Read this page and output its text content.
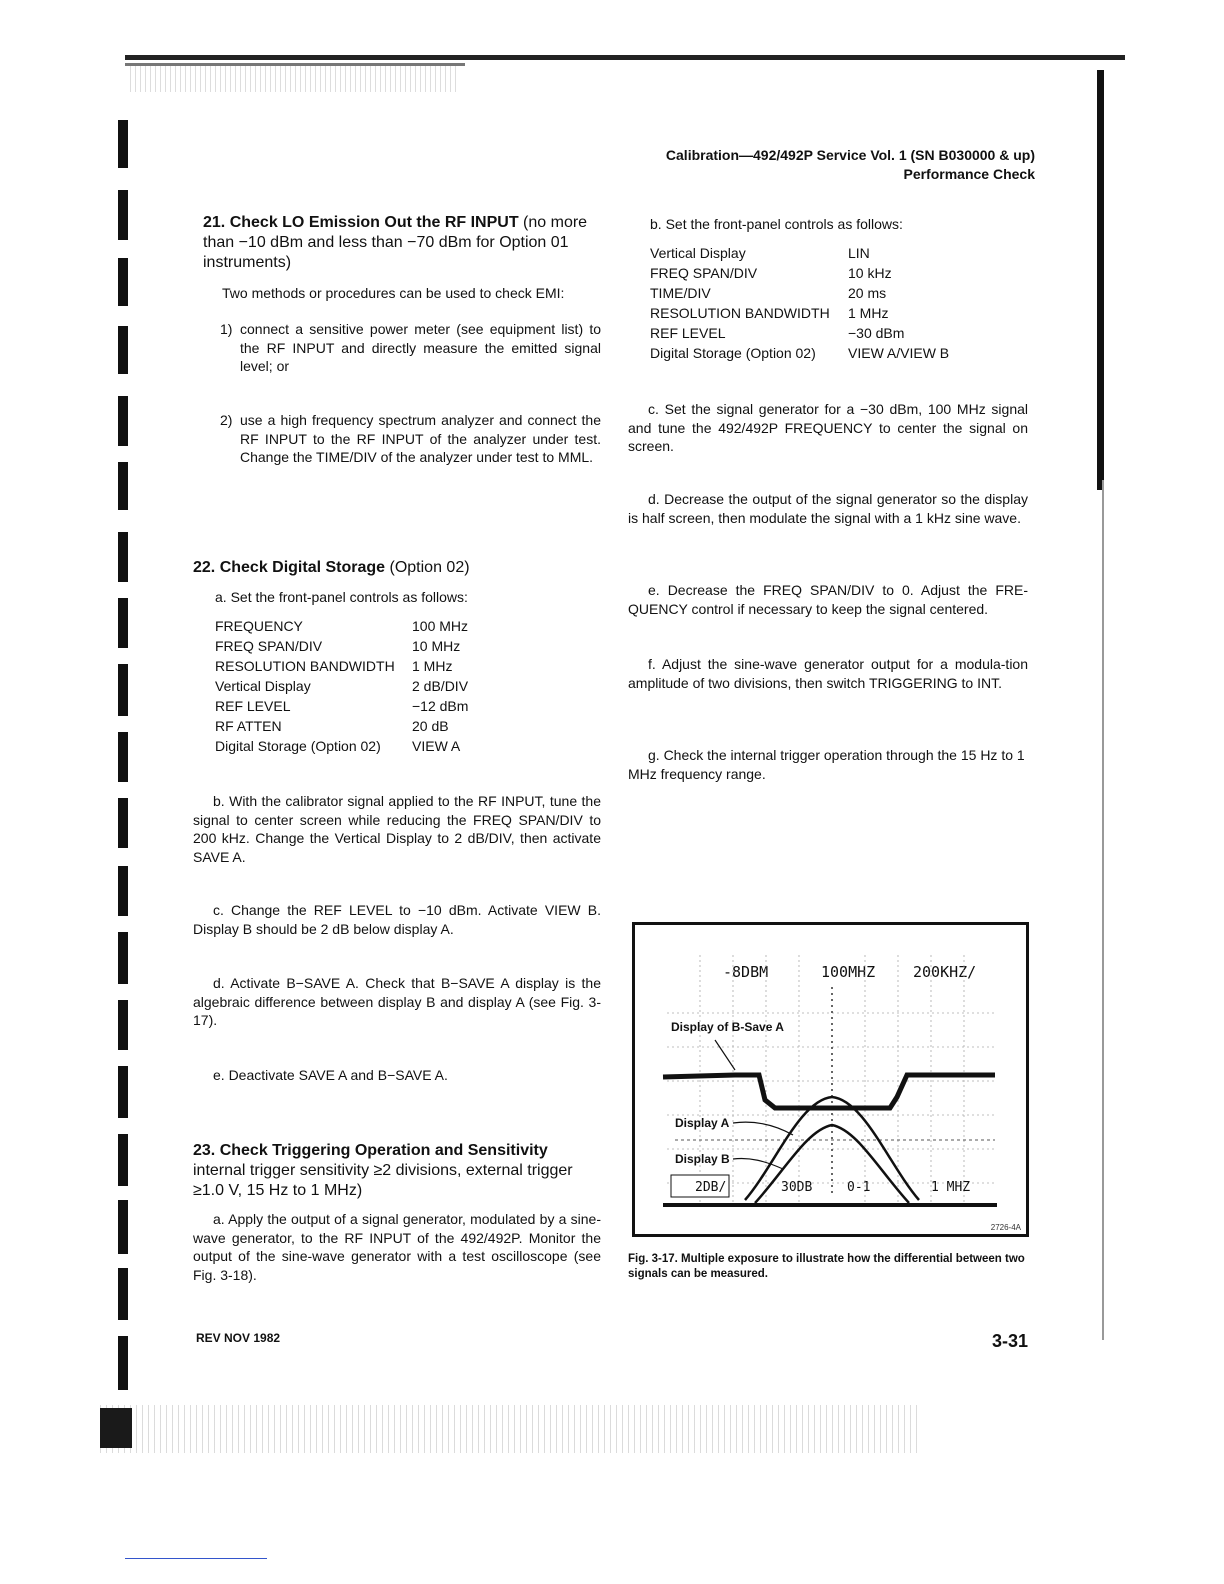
Calibration—492/492P Service Vol. 1 (SN B030000 & up)
Performance Check
21. Check LO Emission Out the RF INPUT (no more than −10 dBm and less than −70 dBm for Option 01 instruments)

Two methods or procedures can be used to check EMI:

1) connect a sensitive power meter (see equipment list) to the RF INPUT and directly measure the emitted signal level; or

2) use a high frequency spectrum analyzer and connect the RF INPUT to the RF INPUT of the analyzer under test. Change the TIME/DIV of the analyzer under test to MML.

22. Check Digital Storage (Option 02)

a. Set the front-panel controls as follows:

FREQUENCY	100 MHz
FREQ SPAN/DIV	10 MHz
RESOLUTION BANDWIDTH	1 MHz
Vertical Display	2 dB/DIV
REF LEVEL	−12 dBm
RF ATTEN	20 dB
Digital Storage (Option 02)	VIEW A

b. With the calibrator signal applied to the RF INPUT, tune the signal to center screen while reducing the FREQ SPAN/DIV to 200 kHz. Change the Vertical Display to 2 dB/DIV, then activate SAVE A.

c. Change the REF LEVEL to −10 dBm. Activate VIEW B. Display B should be 2 dB below display A.

d. Activate B−SAVE A. Check that B−SAVE A display is the algebraic difference between display B and display A (see Fig. 3-17).

e. Deactivate SAVE A and B−SAVE A.

23. Check Triggering Operation and Sensitivity internal trigger sensitivity ≥2 divisions, external trigger ≥1.0 V, 15 Hz to 1 MHz)

a. Apply the output of a signal generator, modulated by a sine-wave generator, to the RF INPUT of the 492/492P. Monitor the output of the sine-wave generator with a test oscilloscope (see Fig. 3-18).

b. Set the front-panel controls as follows:

Vertical Display	LIN
FREQ SPAN/DIV	10 kHz
TIME/DIV	20 ms
RESOLUTION BANDWIDTH	1 MHz
REF LEVEL	−30 dBm
Digital Storage (Option 02)	VIEW A/VIEW B

c. Set the signal generator for a −30 dBm, 100 MHz signal and tune the 492/492P FREQUENCY to center the signal on screen.

d. Decrease the output of the signal generator so the display is half screen, then modulate the signal with a 1 kHz sine wave.

e. Decrease the FREQ SPAN/DIV to 0. Adjust the FRE-QUENCY control if necessary to keep the signal centered.

f. Adjust the sine-wave generator output for a modula-tion amplitude of two divisions, then switch TRIGGERING to INT.

g. Check the internal trigger operation through the 15 Hz to 1 MHz frequency range.

-8DBM	100MHZ	200KHZ/
Display of B-Save A
Display A
Display B
2DB/	30DB	0-1	1 MHZ
2726-4A

Fig. 3-17. Multiple exposure to illustrate how the differential between two signals can be measured.

REV NOV 1982	3-31
